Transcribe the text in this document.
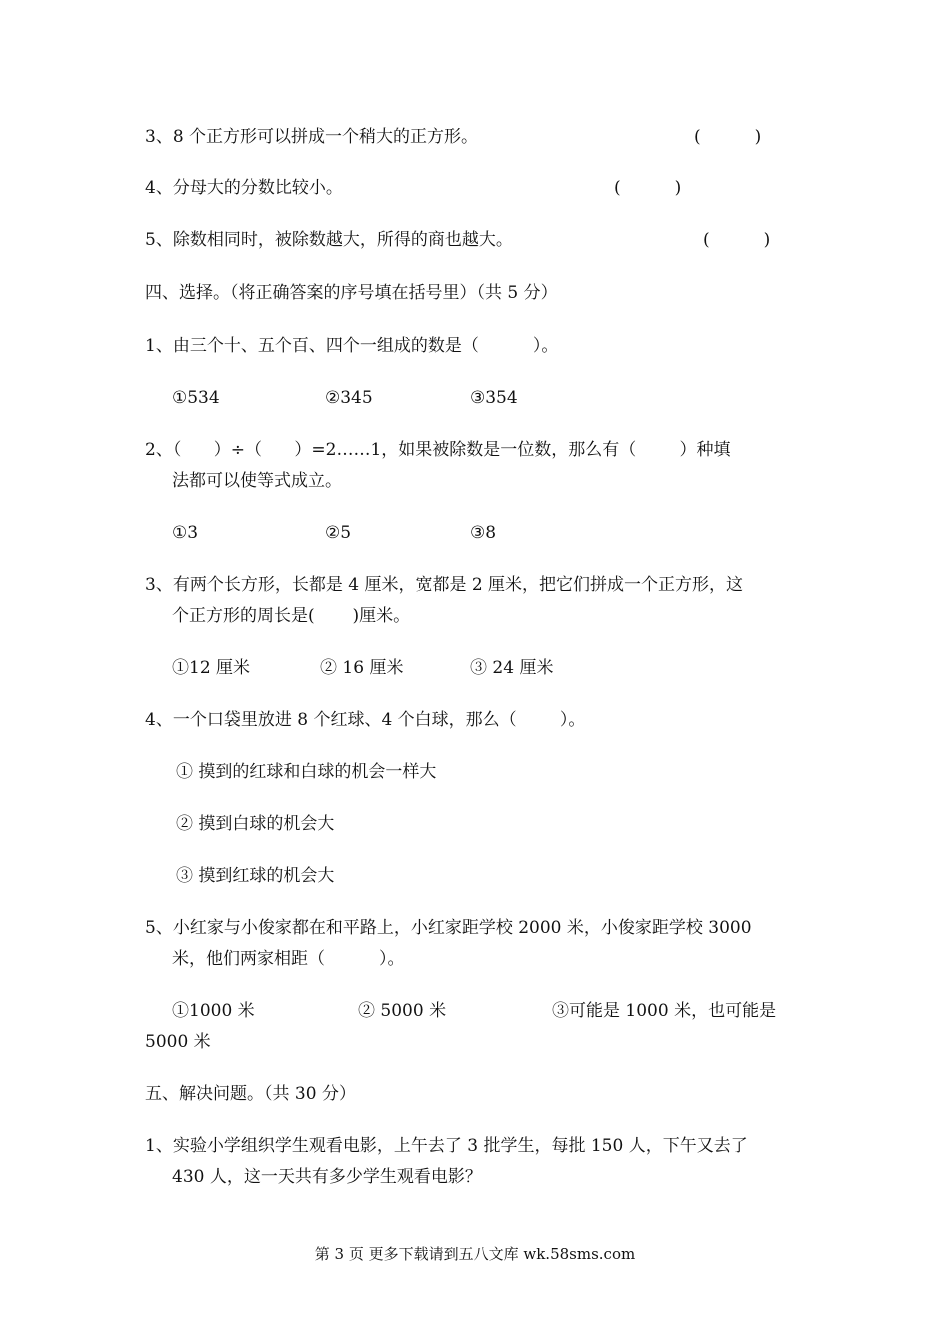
3、8 个正方形可以拼成一个稍大的正方形。	(          )
4、分母大的分数比较小。	(          )
5、除数相同时，被除数越大，所得的商也越大。	(          )
四、选择。（将正确答案的序号填在括号里）（共 5 分）
1、由三个十、五个百、四个一组成的数是（          ）。
①534	②345	③354
2、（      ）÷（      ）=2……1，如果被除数是一位数，那么有（        ）种填
法都可以使等式成立。
①3	②5	③8
3、有两个长方形，长都是 4 厘米，宽都是 2 厘米，把它们拼成一个正方形，这
个正方形的周长是(       )厘米。
①12 厘米	② 16 厘米	③ 24 厘米
4、一个口袋里放进 8 个红球、4 个白球，那么（        ）。
① 摸到的红球和白球的机会一样大
② 摸到白球的机会大
③ 摸到红球的机会大
5、小红家与小俊家都在和平路上，小红家距学校 2000 米，小俊家距学校 3000
米，他们两家相距（          ）。
①1000 米	② 5000 米	③可能是 1000 米，也可能是
5000 米
五、解决问题。（共 30 分）
1、实验小学组织学生观看电影，上午去了 3 批学生，每批 150 人，下午又去了
430 人，这一天共有多少学生观看电影？
第 3 页 更多下载请到五八文库 wk.58sms.com
